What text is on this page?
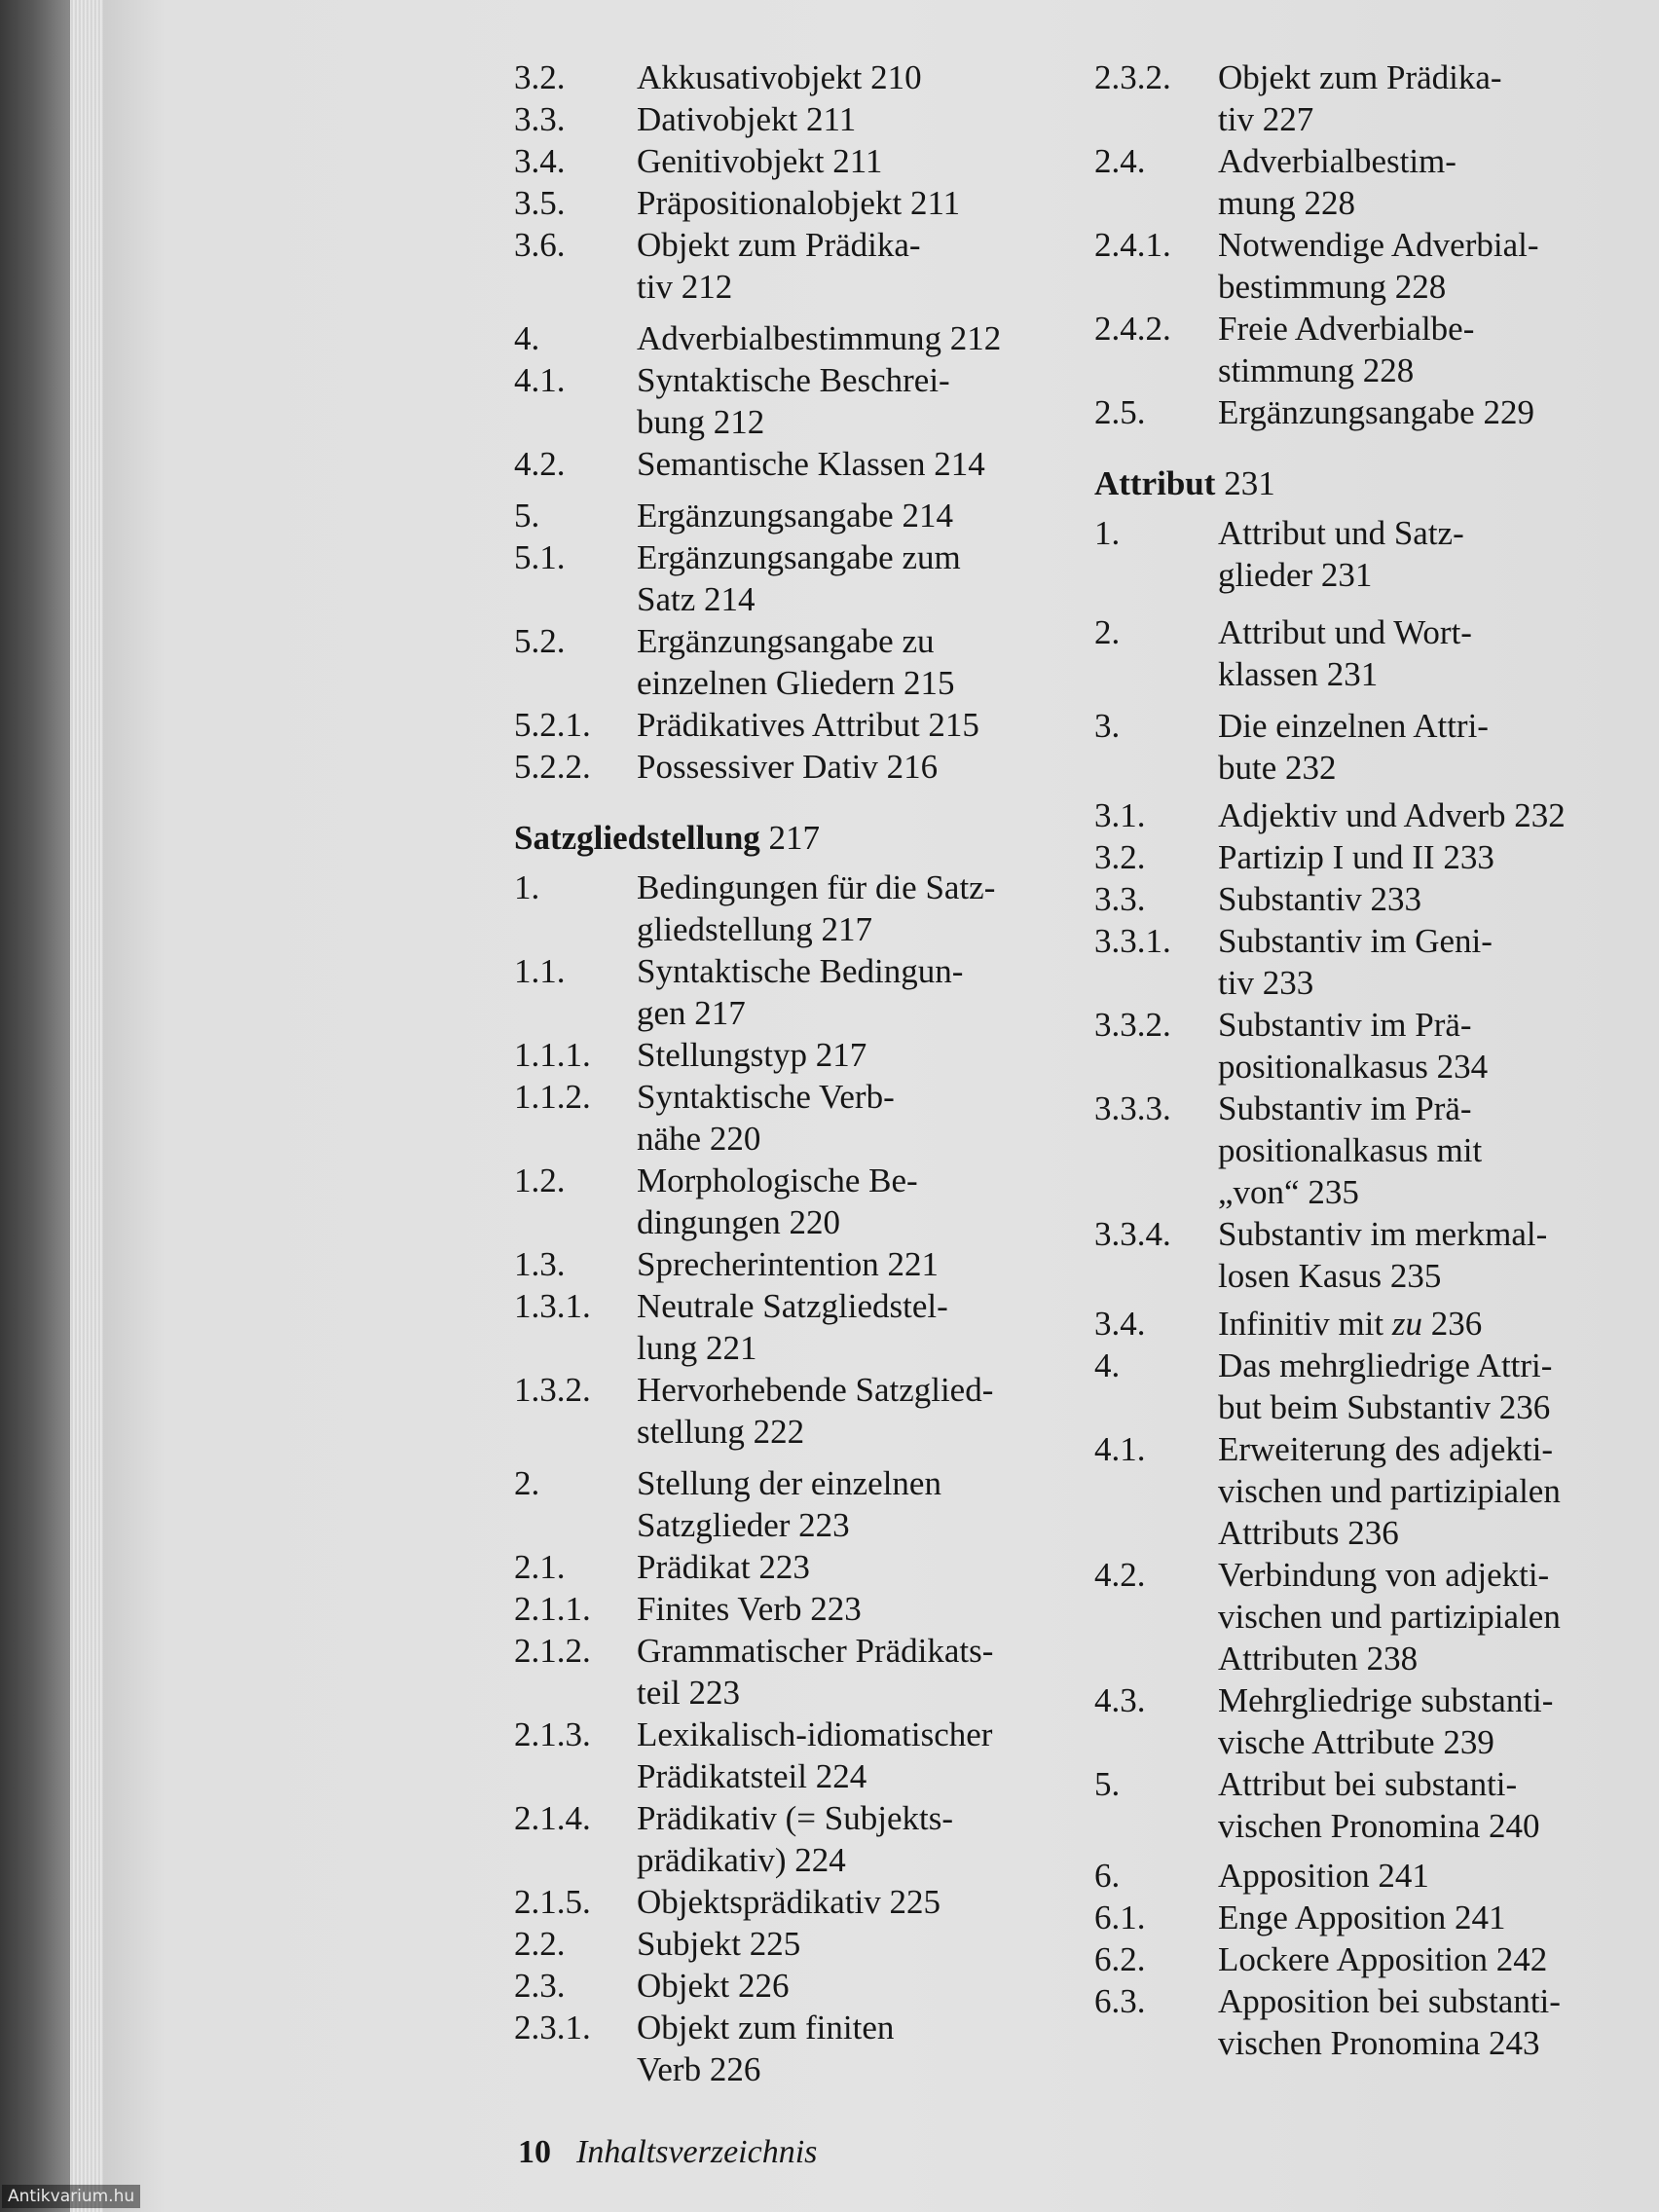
3.2.	Akkusativobjekt 210
3.3.	Dativobjekt 211
3.4.	Genitivobjekt 211
3.5.	Präpositionalobjekt 211
3.6.	Objekt zum Prädika-
tiv 212
4.	Adverbialbestimmung 212
4.1.	Syntaktische Beschrei-
bung 212
4.2.	Semantische Klassen 214
5.	Ergänzungsangabe 214
5.1.	Ergänzungsangabe zum
Satz 214
5.2.	Ergänzungsangabe zu
einzelnen Gliedern 215
5.2.1.	Prädikatives Attribut 215
5.2.2.	Possessiver Dativ 216
Satzgliedstellung 217
1.	Bedingungen für die Satz-
gliedstellung 217
1.1.	Syntaktische Bedingun-
gen 217
1.1.1.	Stellungstyp 217
1.1.2.	Syntaktische Verb-
nähe 220
1.2.	Morphologische Be-
dingungen 220
1.3.	Sprecherintention 221
1.3.1.	Neutrale Satzgliedstel-
lung 221
1.3.2.	Hervorhebende Satzglied-
stellung 222
2.	Stellung der einzelnen
Satzglieder 223
2.1.	Prädikat 223
2.1.1.	Finites Verb 223
2.1.2.	Grammatischer Prädikats-
teil 223
2.1.3.	Lexikalisch-idiomatischer
Prädikatsteil 224
2.1.4.	Prädikativ (= Subjekts-
prädikativ) 224
2.1.5.	Objektsprädikativ 225
2.2.	Subjekt 225
2.3.	Objekt 226
2.3.1.	Objekt zum finiten
Verb 226
2.3.2.	Objekt zum Prädika-
tiv 227
2.4.	Adverbialbestim-
mung 228
2.4.1.	Notwendige Adverbial-
bestimmung 228
2.4.2.	Freie Adverbialbe-
stimmung 228
2.5.	Ergänzungsangabe 229
Attribut 231
1.	Attribut und Satz-
glieder 231
2.	Attribut und Wort-
klassen 231
3.	Die einzelnen Attri-
bute 232
3.1.	Adjektiv und Adverb 232
3.2.	Partizip I und II 233
3.3.	Substantiv 233
3.3.1.	Substantiv im Geni-
tiv 233
3.3.2.	Substantiv im Prä-
positionalkasus 234
3.3.3.	Substantiv im Prä-
positionalkasus mit
„von“ 235
3.3.4.	Substantiv im merkmal-
losen Kasus 235
3.4.	Infinitiv mit zu 236
4.	Das mehrgliedrige Attri-
but beim Substantiv 236
4.1.	Erweiterung des adjekti-
vischen und partizipialen
Attributs 236
4.2.	Verbindung von adjekti-
vischen und partizipialen
Attributen 238
4.3.	Mehrgliedrige substanti-
vische Attribute 239
5.	Attribut bei substanti-
vischen Pronomina 240
6.	Apposition 241
6.1.	Enge Apposition 241
6.2.	Lockere Apposition 242
6.3.	Apposition bei substanti-
vischen Pronomina 243
10 Inhaltsverzeichnis
Antikvarium.hu
